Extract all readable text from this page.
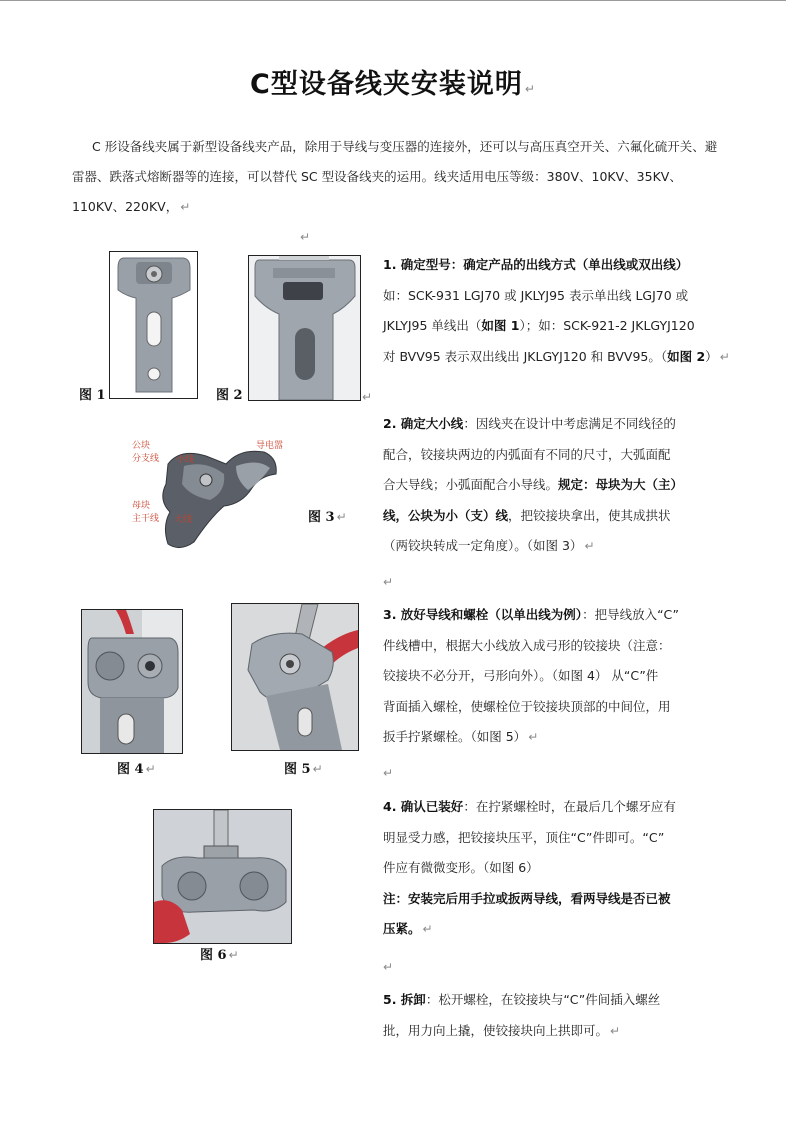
C型设备线夹安装说明 ↵

C 形设备线夹属于新型设备线夹产品，除用于导线与变压器的连接外，还可以与高压真空开关、六氟化硫开关、避雷器、跌落式熔断器等的连接，可以替代 SC 型设备线夹的运用。线夹适用电压等级：380V、10KV、35KV、110KV、220KV， ↵

↵
图 1	图 2	↵
公块
分支线 小线
导电嚣
母块
主干线 大线	图 3 ↵
图 4 ↵	图 5 ↵
图 6 ↵

1. 确定型号：确定产品的出线方式（单出线或双出线）

如：SCK-931 LGJ70 或 JKLYJ95 表示单出线 LGJ70 或

JKLYJ95 单线出（如图 1）；如：SCK-921-2 JKLGYJ120

对 BVV95 表示双出线出 JKLGYJ120 和 BVV95。（如图 2） ↵

2. 确定大小线：因线夹在设计中考虑满足不同线径的

配合，铰接块两边的内弧面有不同的尺寸，大弧面配

合大导线；小弧面配合小导线。规定：母块为大（主）

线，公块为小（支）线，把铰接块拿出，使其成拱状

（两铰块转成一定角度）。（如图 3） ↵

↵

3. 放好导线和螺栓（以单出线为例）：把导线放入“C”

件线槽中，根据大小线放入成弓形的铰接块（注意：

铰接块不必分开，弓形向外）。（如图 4） 从“C”件

背面插入螺栓，使螺栓位于铰接块顶部的中间位，用

扳手拧紧螺栓。（如图 5） ↵

↵

4. 确认已装好：在拧紧螺栓时，在最后几个螺牙应有

明显受力感，把铰接块压平，顶住“C”件即可。“C”

件应有微微变形。（如图 6）

注：安装完后用手拉或扳两导线，看两导线是否已被

压紧。 ↵

↵

5. 拆卸：松开螺栓，在铰接块与“C”件间插入螺丝

批，用力向上撬，使铰接块向上拱即可。 ↵
